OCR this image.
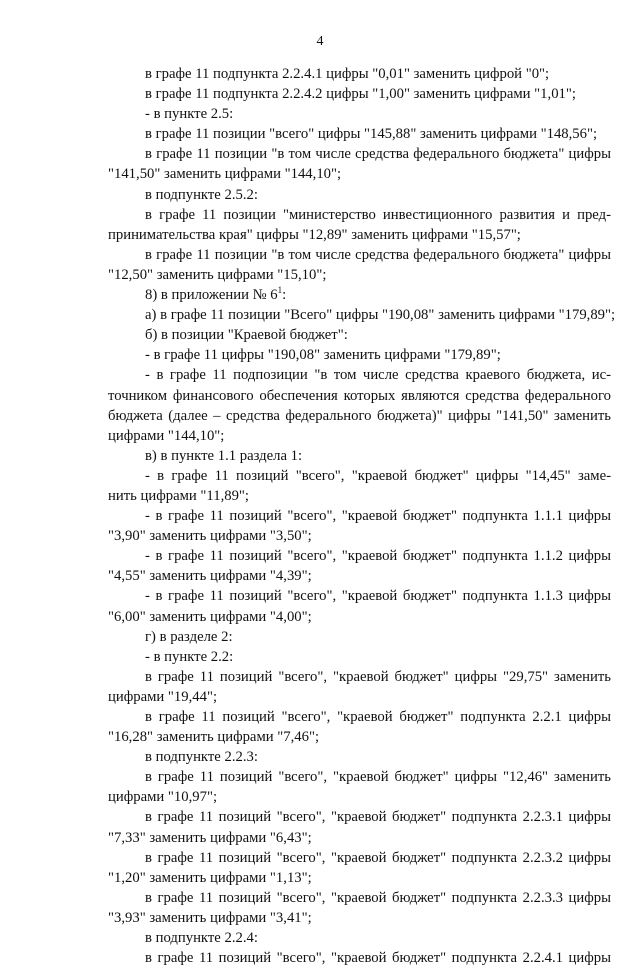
4
в графе 11 подпункта 2.2.4.1 цифры "0,01" заменить цифрой "0";
в графе 11 подпункта 2.2.4.2 цифры "1,00" заменить цифрами "1,01";
- в пункте 2.5:
в графе 11 позиции "всего" цифры "145,88" заменить цифрами "148,56";
в графе 11 позиции "в том числе средства федерального бюджета" цифры
"141,50" заменить цифрами "144,10";
в подпункте 2.5.2:
в графе 11 позиции "министерство инвестиционного развития и пред-
принимательства края" цифры "12,89" заменить цифрами "15,57";
в графе 11 позиции "в том числе средства федерального бюджета" цифры
"12,50" заменить цифрами "15,10";
8) в приложении № $6^1$:
а) в графе 11 позиции "Всего" цифры "190,08" заменить цифрами "179,89";
б) в позиции "Краевой бюджет":
- в графе 11 цифры "190,08" заменить цифрами "179,89";
- в графе 11 подпозиции "в том числе средства краевого бюджета, ис-
точником финансового обеспечения которых являются средства федерального
бюджета (далее – средства федерального бюджета)" цифры "141,50" заменить
цифрами "144,10";
в) в пункте 1.1 раздела 1:
- в графе 11 позиций "всего", "краевой бюджет" цифры "14,45" заме-
нить цифрами "11,89";
- в графе 11 позиций "всего", "краевой бюджет" подпункта 1.1.1 цифры
"3,90" заменить цифрами "3,50";
- в графе 11 позиций "всего", "краевой бюджет" подпункта 1.1.2 цифры
"4,55" заменить цифрами "4,39";
- в графе 11 позиций "всего", "краевой бюджет" подпункта 1.1.3 цифры
"6,00" заменить цифрами "4,00";
г) в разделе 2:
- в пункте 2.2:
в графе 11 позиций "всего", "краевой бюджет" цифры "29,75" заменить
цифрами "19,44";
в графе 11 позиций "всего", "краевой бюджет" подпункта 2.2.1 цифры
"16,28" заменить цифрами "7,46";
в подпункте 2.2.3:
в графе 11 позиций "всего", "краевой бюджет" цифры "12,46" заменить
цифрами "10,97";
в графе 11 позиций "всего", "краевой бюджет" подпункта 2.2.3.1 цифры
"7,33" заменить цифрами "6,43";
в графе 11 позиций "всего", "краевой бюджет" подпункта 2.2.3.2 цифры
"1,20" заменить цифрами "1,13";
в графе 11 позиций "всего", "краевой бюджет" подпункта 2.2.3.3 цифры
"3,93" заменить цифрами "3,41";
в подпункте 2.2.4:
в графе 11 позиций "всего", "краевой бюджет" подпункта 2.2.4.1 цифры
